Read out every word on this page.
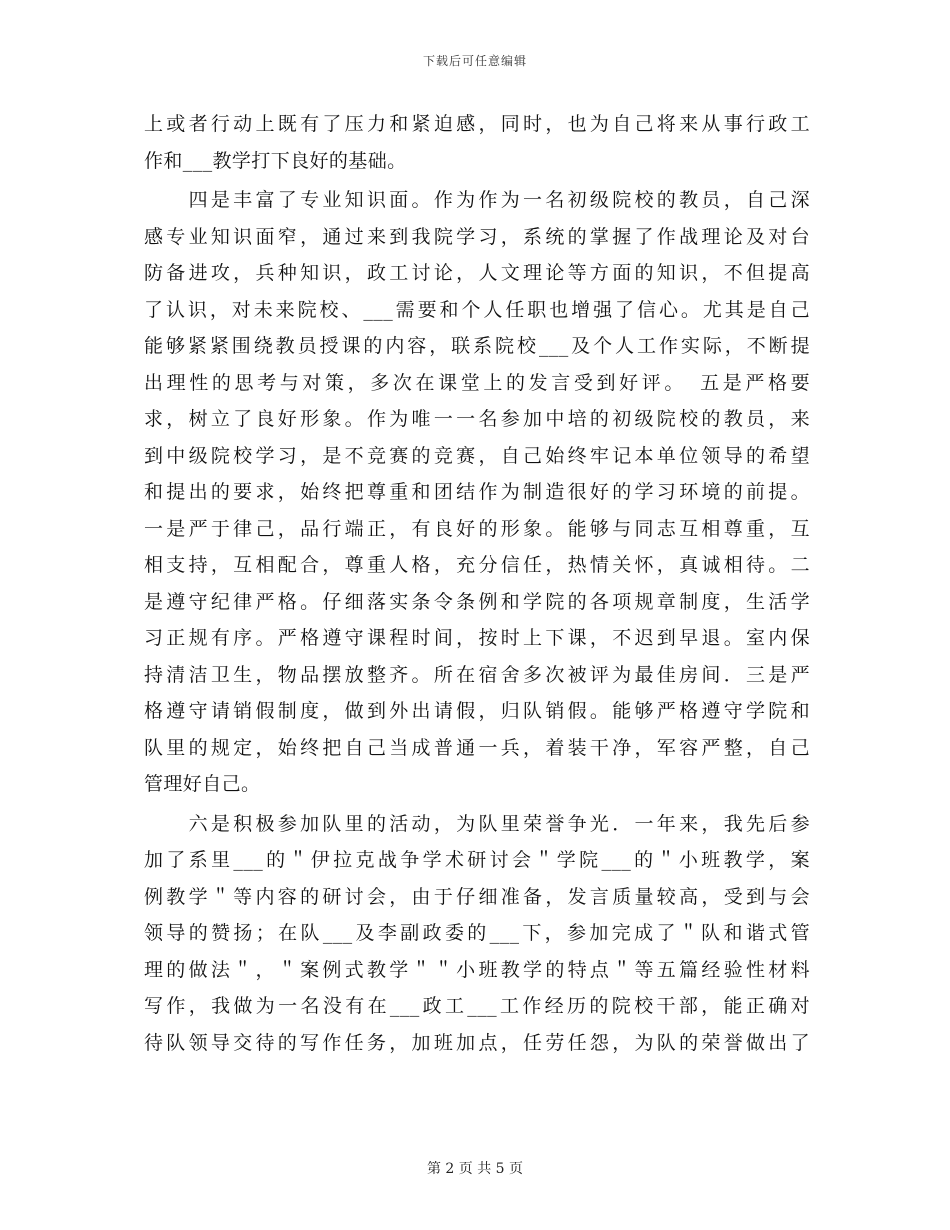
下载后可任意编辑
上或者行动上既有了压力和紧迫感，同时，也为自己将来从事行政工
作和___教学打下良好的基础。
　　四是丰富了专业知识面。作为作为一名初级院校的教员，自己深
感专业知识面窄，通过来到我院学习，系统的掌握了作战理论及对台
防备进攻，兵种知识，政工讨论，人文理论等方面的知识，不但提高
了认识，对未来院校、___需要和个人任职也增强了信心。尤其是自己
能够紧紧围绕教员授课的内容，联系院校___及个人工作实际，不断提
出理性的思考与对策，多次在课堂上的发言受到好评。　五是严格要
求，树立了良好形象。作为唯一一名参加中培的初级院校的教员，来
到中级院校学习，是不竞赛的竞赛，自己始终牢记本单位领导的希望
和提出的要求，始终把尊重和团结作为制造很好的学习环境的前提。
一是严于律己，品行端正，有良好的形象。能够与同志互相尊重，互
相支持，互相配合，尊重人格，充分信任，热情关怀，真诚相待。二
是遵守纪律严格。仔细落实条令条例和学院的各项规章制度，生活学
习正规有序。严格遵守课程时间，按时上下课，不迟到早退。室内保
持清洁卫生，物品摆放整齐。所在宿舍多次被评为最佳房间．三是严
格遵守请销假制度，做到外出请假，归队销假。能够严格遵守学院和
队里的规定，始终把自己当成普通一兵，着装干净，军容严整，自己
管理好自己。
　　六是积极参加队里的活动，为队里荣誉争光．一年来，我先后参
加了系里___的＂伊拉克战争学术研讨会＂学院___的＂小班教学，案
例教学＂等内容的研讨会，由于仔细准备，发言质量较高，受到与会
领导的赞扬；在队___及李副政委的___下，参加完成了＂队和谐式管
理的做法＂，＂案例式教学＂＂小班教学的特点＂等五篇经验性材料
写作，我做为一名没有在___政工___工作经历的院校干部，能正确对
待队领导交待的写作任务，加班加点，任劳任怨，为队的荣誉做出了
第 2 页 共 5 页
